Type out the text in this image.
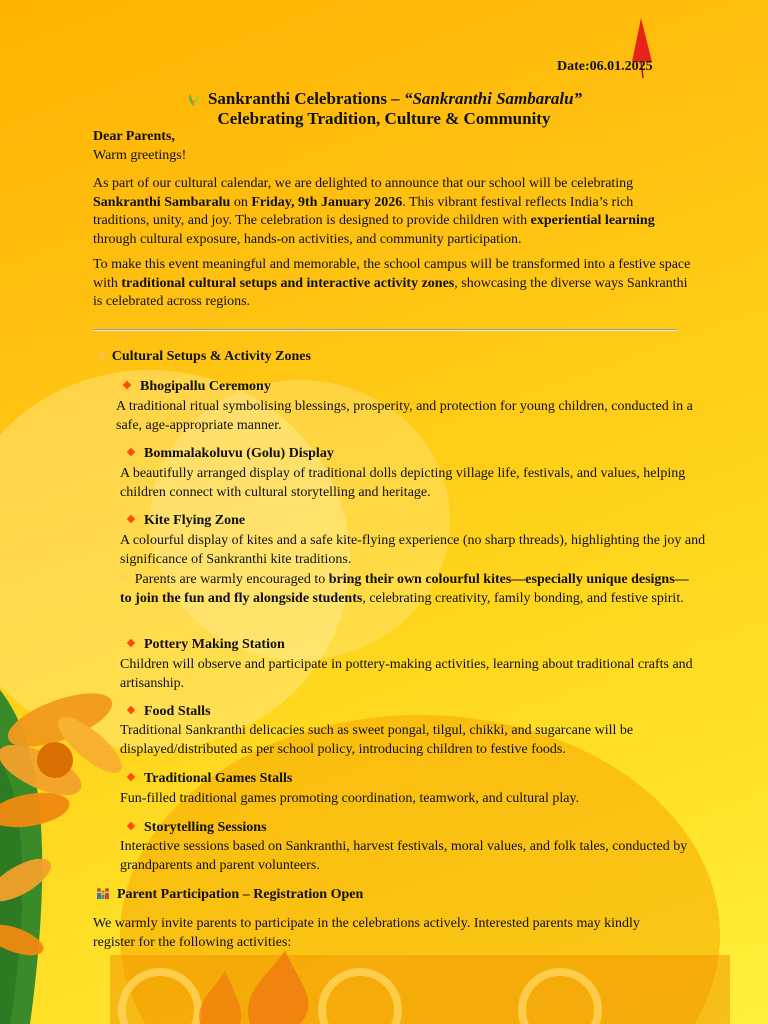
Date:06.01.2025
Sankranthi Celebrations – “Sankranthi Sambaralu”
Celebrating Tradition, Culture & Community
Dear Parents,
Warm greetings!

As part of our cultural calendar, we are delighted to announce that our school will be celebrating Sankranthi Sambaralu on Friday, 9th January 2026. This vibrant festival reflects India’s rich traditions, unity, and joy. The celebration is designed to provide children with experiential learning through cultural exposure, hands-on activities, and community participation.

To make this event meaningful and memorable, the school campus will be transformed into a festive space with traditional cultural setups and interactive activity zones, showcasing the diverse ways Sankranthi is celebrated across regions.

☞ Cultural Setups & Activity Zones
Bhogipallu Ceremony
A traditional ritual symbolising blessings, prosperity, and protection for young children, conducted in a safe, age-appropriate manner.
Bommalakoluvu (Golu) Display
A beautifully arranged display of traditional dolls depicting village life, festivals, and values, helping children connect with cultural storytelling and heritage.
Kite Flying Zone
A colourful display of kites and a safe kite-flying experience (no sharp threads), highlighting the joy and significance of Sankranthi kite traditions.

☞ Parents are warmly encouraged to bring their own colourful kites—especially unique designs—to join the fun and fly alongside students, celebrating creativity, family bonding, and festive spirit.

Pottery Making Station
Children will observe and participate in pottery-making activities, learning about traditional crafts and artisanship.
Food Stalls
Traditional Sankranthi delicacies such as sweet pongal, tilgul, chikki, and sugarcane will be displayed/distributed as per school policy, introducing children to festive foods.
Traditional Games Stalls
Fun-filled traditional games promoting coordination, teamwork, and cultural play.
Storytelling Sessions
Interactive sessions based on Sankranthi, harvest festivals, moral values, and folk tales, conducted by grandparents and parent volunteers.
Parent Participation – Registration Open
We warmly invite parents to participate in the celebrations actively. Interested parents may kindly register for the following activities:
